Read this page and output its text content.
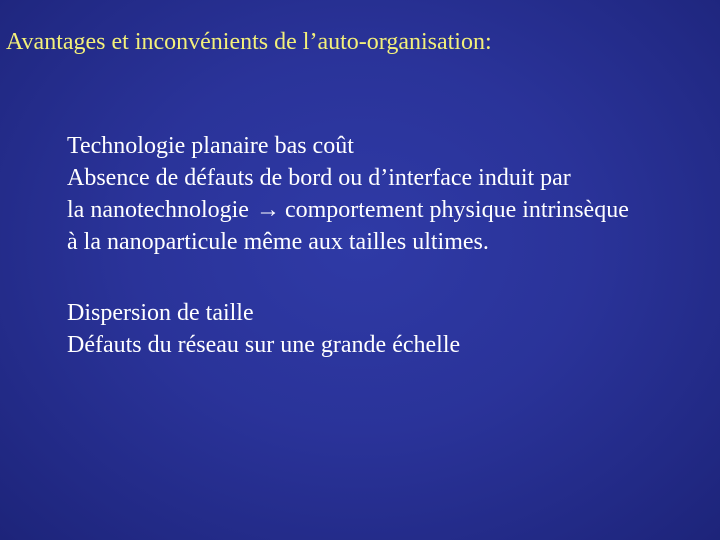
Avantages et inconvénients de l’auto-organisation:
Technologie planaire bas coût
Absence de défauts de bord ou d’interface induit par
la nanotechnologie → comportement physique intrinsèque
à la nanoparticule même aux tailles ultimes.
Dispersion de taille
Défauts du réseau sur une grande échelle
